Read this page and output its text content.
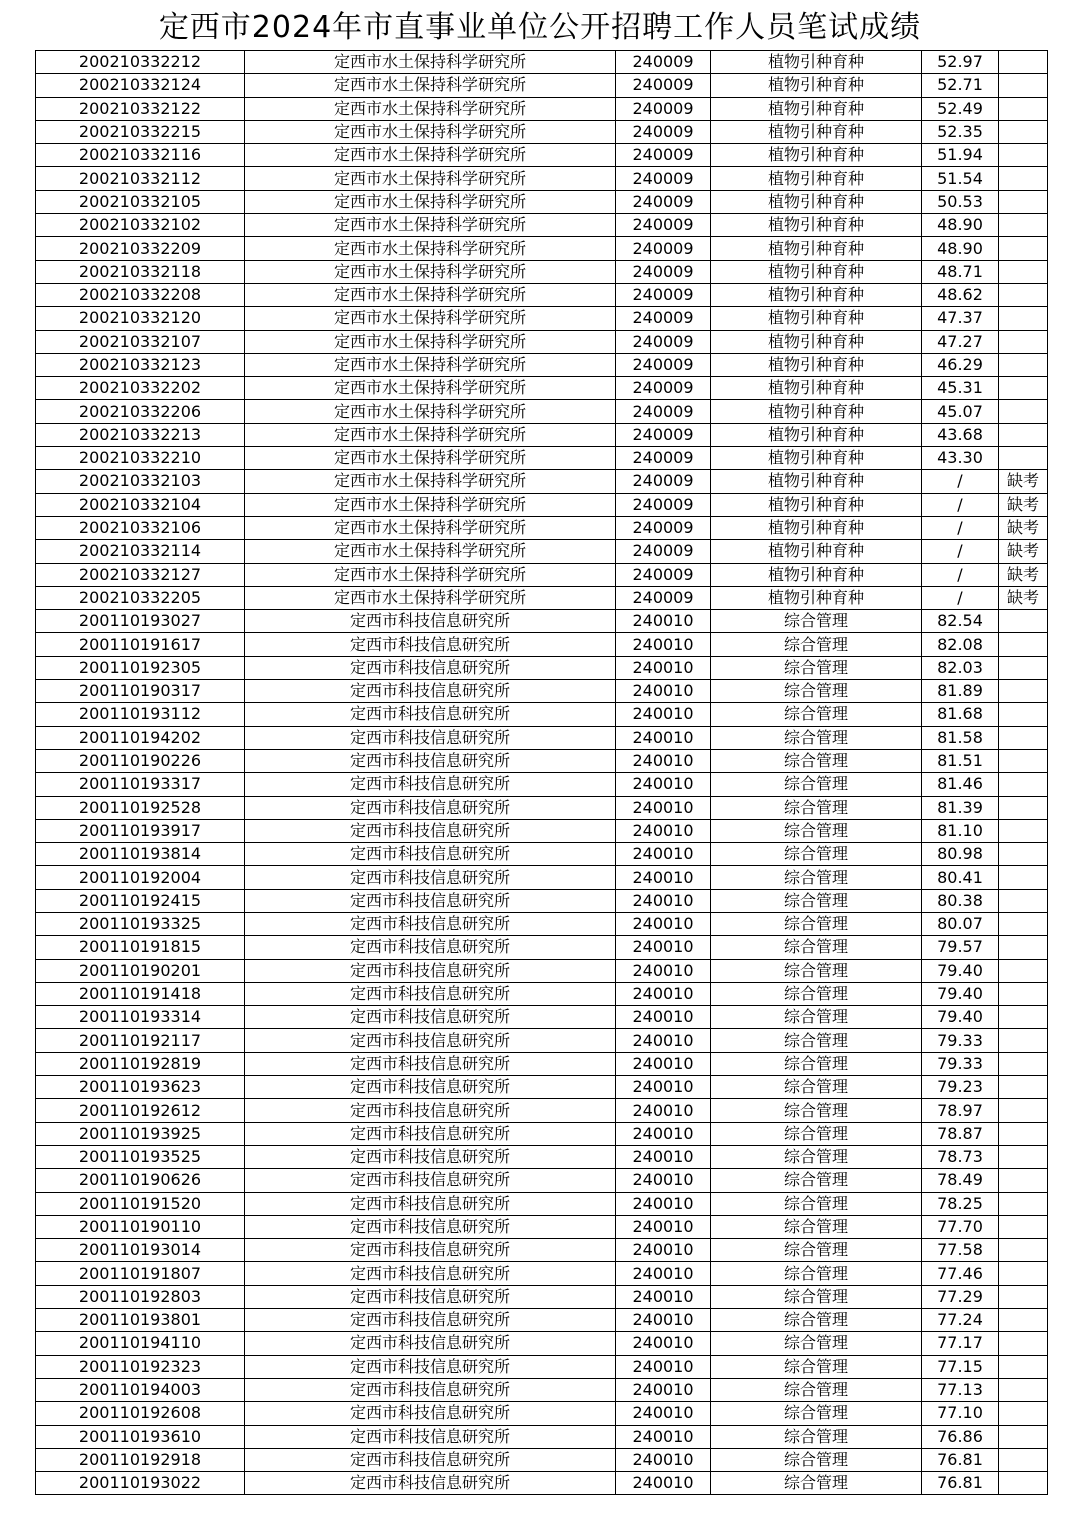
定西市2024年市直事业单位公开招聘工作人员笔试成绩
200210332212	定西市水土保持科学研究所	240009	植物引种育种	52.97	
200210332124	定西市水土保持科学研究所	240009	植物引种育种	52.71	
200210332122	定西市水土保持科学研究所	240009	植物引种育种	52.49	
200210332215	定西市水土保持科学研究所	240009	植物引种育种	52.35	
200210332116	定西市水土保持科学研究所	240009	植物引种育种	51.94	
200210332112	定西市水土保持科学研究所	240009	植物引种育种	51.54	
200210332105	定西市水土保持科学研究所	240009	植物引种育种	50.53	
200210332102	定西市水土保持科学研究所	240009	植物引种育种	48.90	
200210332209	定西市水土保持科学研究所	240009	植物引种育种	48.90	
200210332118	定西市水土保持科学研究所	240009	植物引种育种	48.71	
200210332208	定西市水土保持科学研究所	240009	植物引种育种	48.62	
200210332120	定西市水土保持科学研究所	240009	植物引种育种	47.37	
200210332107	定西市水土保持科学研究所	240009	植物引种育种	47.27	
200210332123	定西市水土保持科学研究所	240009	植物引种育种	46.29	
200210332202	定西市水土保持科学研究所	240009	植物引种育种	45.31	
200210332206	定西市水土保持科学研究所	240009	植物引种育种	45.07	
200210332213	定西市水土保持科学研究所	240009	植物引种育种	43.68	
200210332210	定西市水土保持科学研究所	240009	植物引种育种	43.30	
200210332103	定西市水土保持科学研究所	240009	植物引种育种	/	缺考
200210332104	定西市水土保持科学研究所	240009	植物引种育种	/	缺考
200210332106	定西市水土保持科学研究所	240009	植物引种育种	/	缺考
200210332114	定西市水土保持科学研究所	240009	植物引种育种	/	缺考
200210332127	定西市水土保持科学研究所	240009	植物引种育种	/	缺考
200210332205	定西市水土保持科学研究所	240009	植物引种育种	/	缺考
200110193027	定西市科技信息研究所	240010	综合管理	82.54	
200110191617	定西市科技信息研究所	240010	综合管理	82.08	
200110192305	定西市科技信息研究所	240010	综合管理	82.03	
200110190317	定西市科技信息研究所	240010	综合管理	81.89	
200110193112	定西市科技信息研究所	240010	综合管理	81.68	
200110194202	定西市科技信息研究所	240010	综合管理	81.58	
200110190226	定西市科技信息研究所	240010	综合管理	81.51	
200110193317	定西市科技信息研究所	240010	综合管理	81.46	
200110192528	定西市科技信息研究所	240010	综合管理	81.39	
200110193917	定西市科技信息研究所	240010	综合管理	81.10	
200110193814	定西市科技信息研究所	240010	综合管理	80.98	
200110192004	定西市科技信息研究所	240010	综合管理	80.41	
200110192415	定西市科技信息研究所	240010	综合管理	80.38	
200110193325	定西市科技信息研究所	240010	综合管理	80.07	
200110191815	定西市科技信息研究所	240010	综合管理	79.57	
200110190201	定西市科技信息研究所	240010	综合管理	79.40	
200110191418	定西市科技信息研究所	240010	综合管理	79.40	
200110193314	定西市科技信息研究所	240010	综合管理	79.40	
200110192117	定西市科技信息研究所	240010	综合管理	79.33	
200110192819	定西市科技信息研究所	240010	综合管理	79.33	
200110193623	定西市科技信息研究所	240010	综合管理	79.23	
200110192612	定西市科技信息研究所	240010	综合管理	78.97	
200110193925	定西市科技信息研究所	240010	综合管理	78.87	
200110193525	定西市科技信息研究所	240010	综合管理	78.73	
200110190626	定西市科技信息研究所	240010	综合管理	78.49	
200110191520	定西市科技信息研究所	240010	综合管理	78.25	
200110190110	定西市科技信息研究所	240010	综合管理	77.70	
200110193014	定西市科技信息研究所	240010	综合管理	77.58	
200110191807	定西市科技信息研究所	240010	综合管理	77.46	
200110192803	定西市科技信息研究所	240010	综合管理	77.29	
200110193801	定西市科技信息研究所	240010	综合管理	77.24	
200110194110	定西市科技信息研究所	240010	综合管理	77.17	
200110192323	定西市科技信息研究所	240010	综合管理	77.15	
200110194003	定西市科技信息研究所	240010	综合管理	77.13	
200110192608	定西市科技信息研究所	240010	综合管理	77.10	
200110193610	定西市科技信息研究所	240010	综合管理	76.86	
200110192918	定西市科技信息研究所	240010	综合管理	76.81	
200110193022	定西市科技信息研究所	240010	综合管理	76.81	
